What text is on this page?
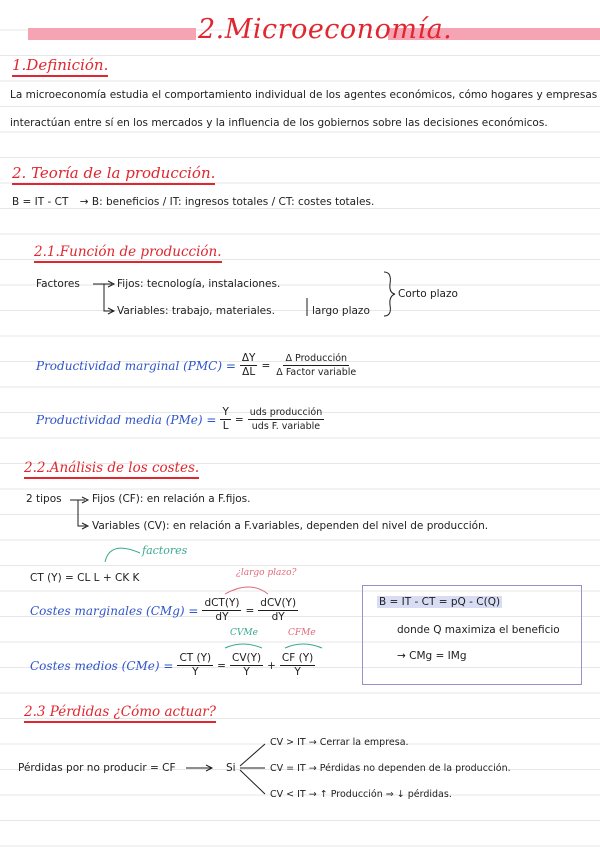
2.Microeconomía.
1.Definición.
La microeconomía estudia el comportamiento individual de los agentes económicos, cómo hogares y empresas
interactúan entre sí en los mercados y la influencia de los gobiernos sobre las decisiones económicos.
2. Teoría de la producción.
B = IT - CT → B: beneficios / IT: ingresos totales / CT: costes totales.
2.1.Función de producción.
Factores	Fijos: tecnología, instalaciones.
Variables: trabajo, materiales.	largo plazo
Corto plazo
Productividad marginal $(PMC) = \frac{\Delta Y}{\Delta L} = \frac{\text{Δ Producción}}{\text{Δ Factor variable}}$
Productividad media $(PMe) = \frac{Y}{L} = \frac{\text{uds producción}}{\text{uds F. variable}}$
2.2.Análisis de los costes.
2 tipos	Fijos (CF): en relación a F.fijos.
Variables (CV): en relación a F.variables, dependen del nivel de producción.
factores
CT (Y) = CL L + CK K	¿largo plazo?
Costes marginales $(CMg) = \frac{\text{dCT(Y)}}{dY} = \frac{\text{dCV(Y)}}{dY}$
CVMe	CFMe
Costes medios $(CMe) = \frac{CT (Y)}{Y} = \frac{CV(Y)}{Y} + \frac{CF (Y)}{Y}$
B = IT - CT = pQ - C(Q)
donde Q maximiza el beneficio
→ CMg = IMg
2.3 Pérdidas ¿Cómo actuar?
Pérdidas por no producir = CF	Si
CV > IT → Cerrar la empresa.
CV = IT → Pérdidas no dependen de la producción.
CV < IT → ↑ Producción ⇒ ↓ pérdidas.
